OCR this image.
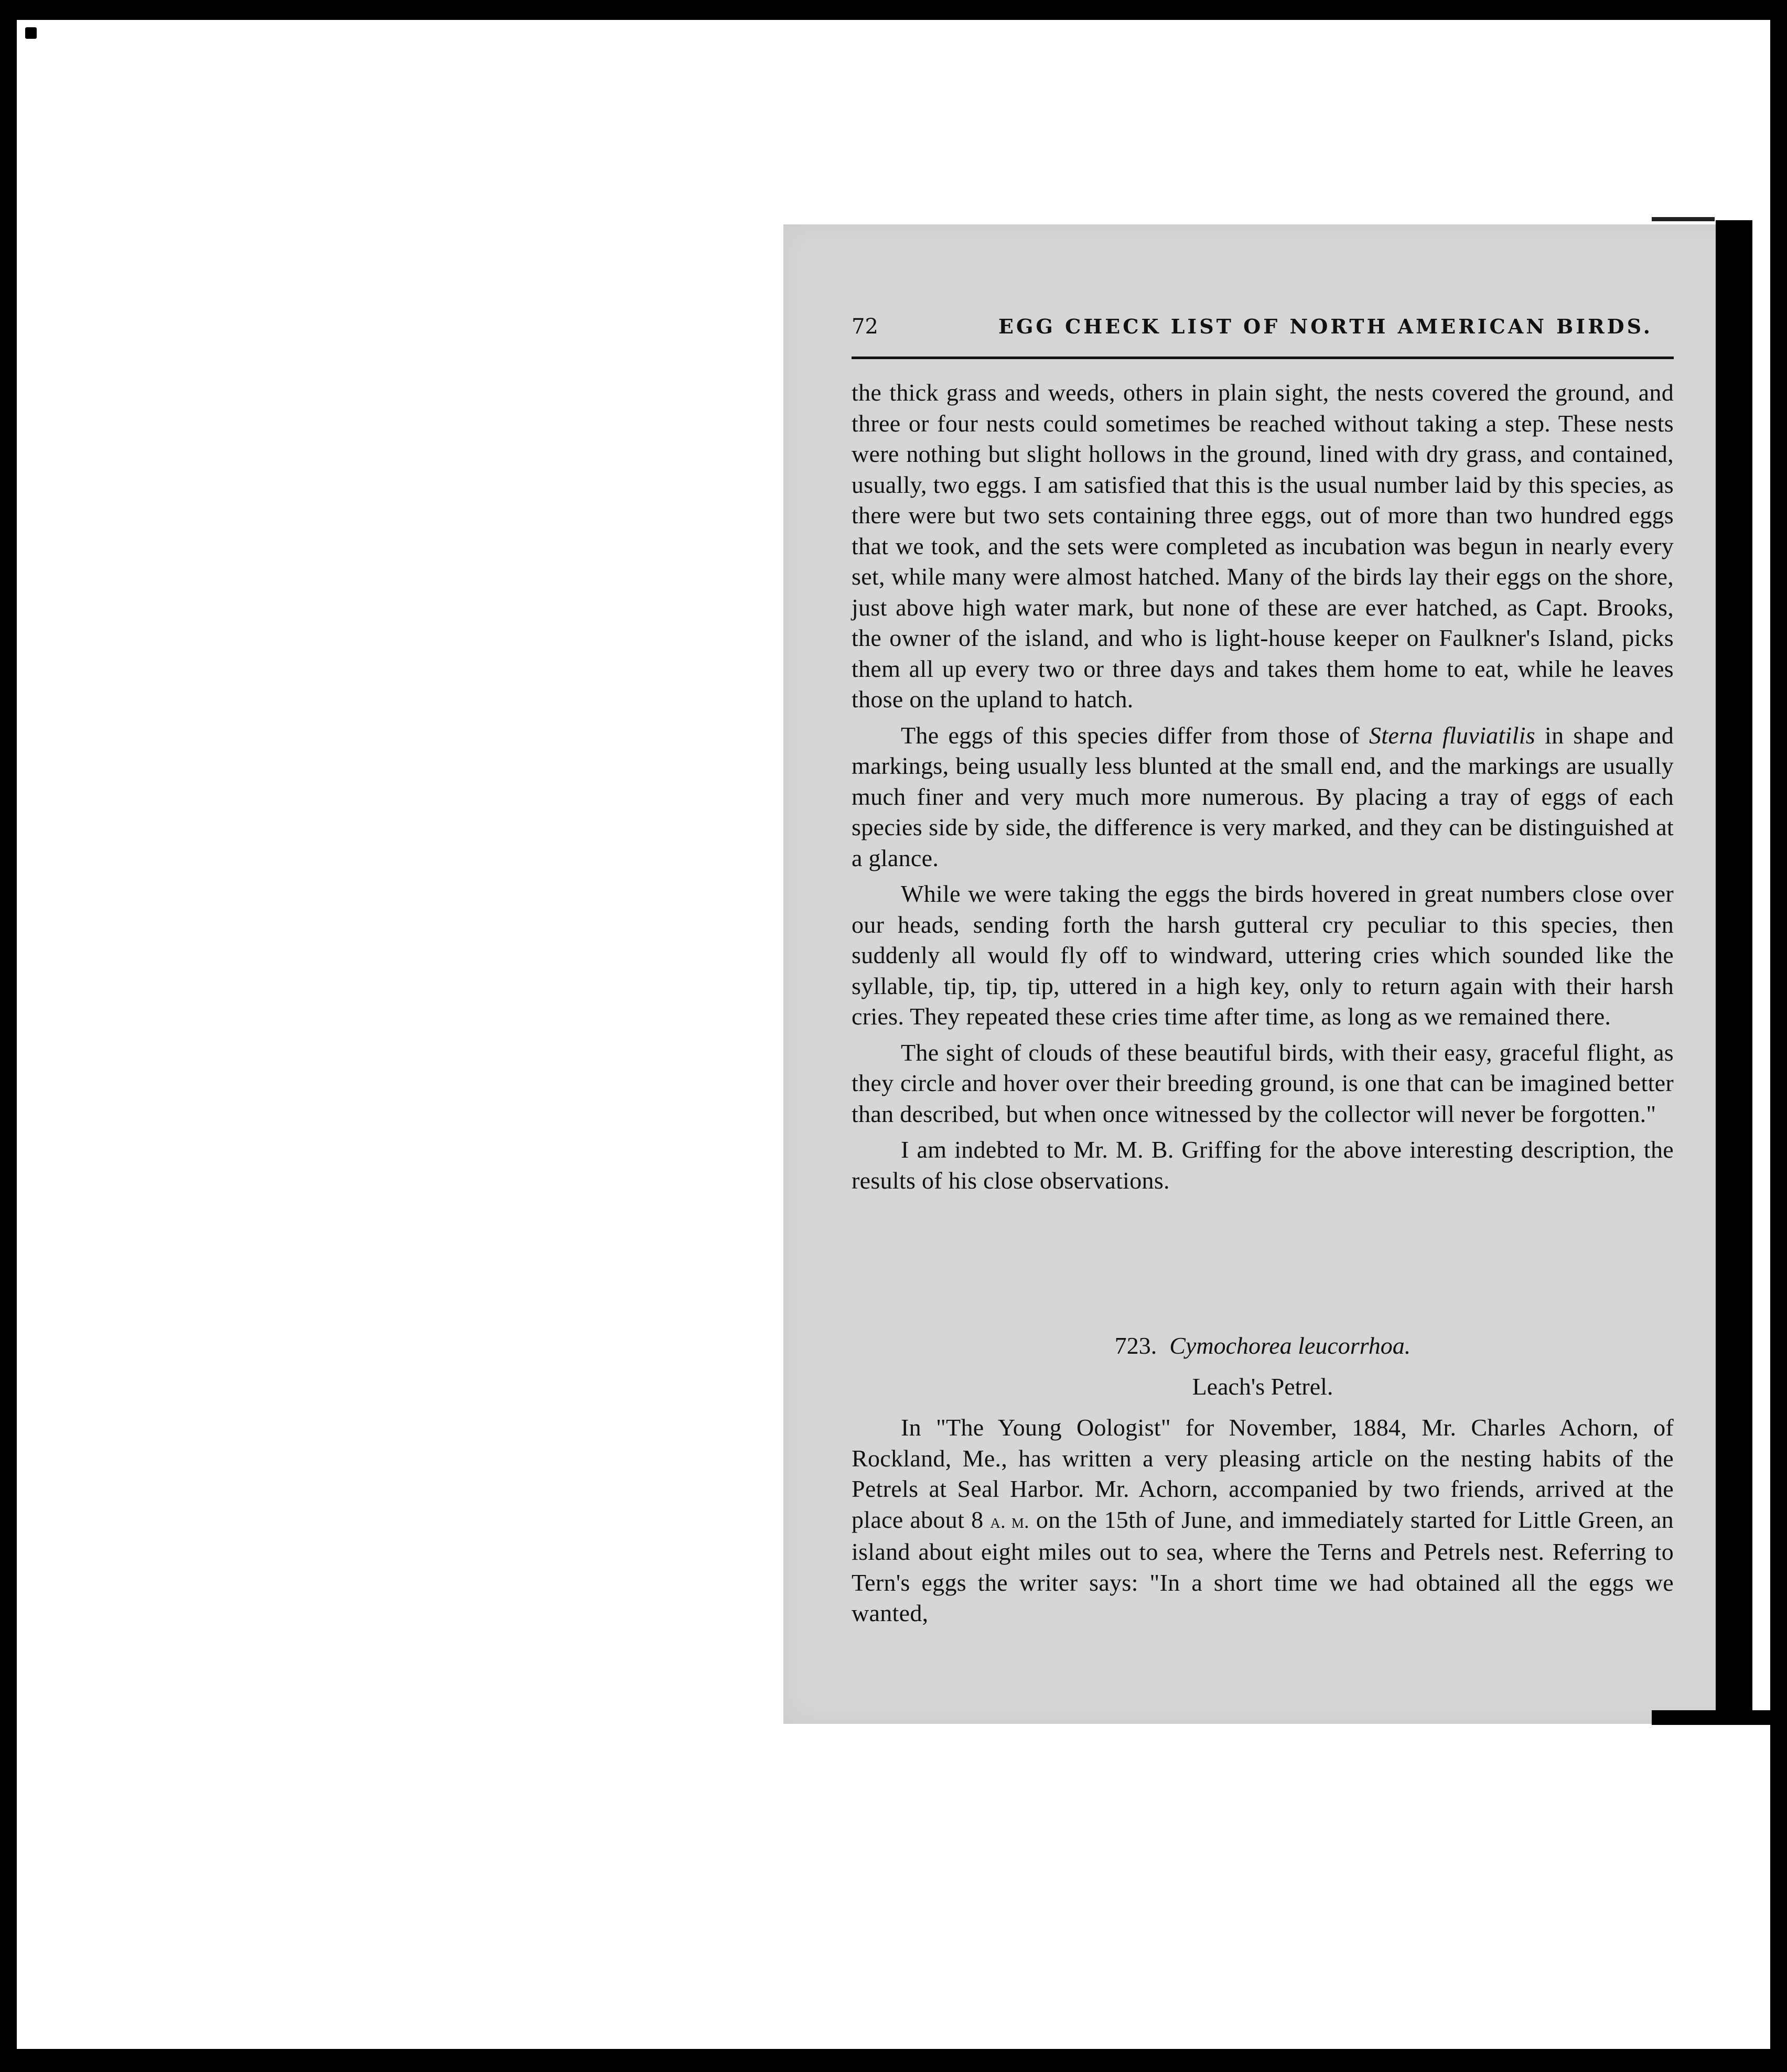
72	EGG CHECK LIST OF NORTH AMERICAN BIRDS.

the thick grass and weeds, others in plain sight, the nests covered the ground, and three or four nests could sometimes be reached without taking a step. These nests were nothing but slight hollows in the ground, lined with dry grass, and contained, usually, two eggs. I am satisfied that this is the usual number laid by this species, as there were but two sets containing three eggs, out of more than two hundred eggs that we took, and the sets were completed as incubation was begun in nearly every set, while many were almost hatched. Many of the birds lay their eggs on the shore, just above high water mark, but none of these are ever hatched, as Capt. Brooks, the owner of the island, and who is light-house keeper on Faulkner's Island, picks them all up every two or three days and takes them home to eat, while he leaves those on the upland to hatch.

The eggs of this species differ from those of Sterna fluviatilis in shape and markings, being usually less blunted at the small end, and the markings are usually much finer and very much more numerous. By placing a tray of eggs of each species side by side, the difference is very marked, and they can be distinguished at a glance.

While we were taking the eggs the birds hovered in great numbers close over our heads, sending forth the harsh gutteral cry peculiar to this species, then suddenly all would fly off to windward, uttering cries which sounded like the syllable, tip, tip, tip, uttered in a high key, only to return again with their harsh cries. They repeated these cries time after time, as long as we remained there.

The sight of clouds of these beautiful birds, with their easy, graceful flight, as they circle and hover over their breeding ground, is one that can be imagined better than described, but when once witnessed by the collector will never be forgotten."

I am indebted to Mr. M. B. Griffing for the above interesting description, the results of his close observations.

723. Cymochorea leucorrhoa.
Leach's Petrel.

In "The Young Oologist" for November, 1884, Mr. Charles Achorn, of Rockland, Me., has written a very pleasing article on the nesting habits of the Petrels at Seal Harbor. Mr. Achorn, accompanied by two friends, arrived at the place about 8 a. m. on the 15th of June, and immediately started for Little Green, an island about eight miles out to sea, where the Terns and Petrels nest. Referring to Tern's eggs the writer says: "In a short time we had obtained all the eggs we wanted,
